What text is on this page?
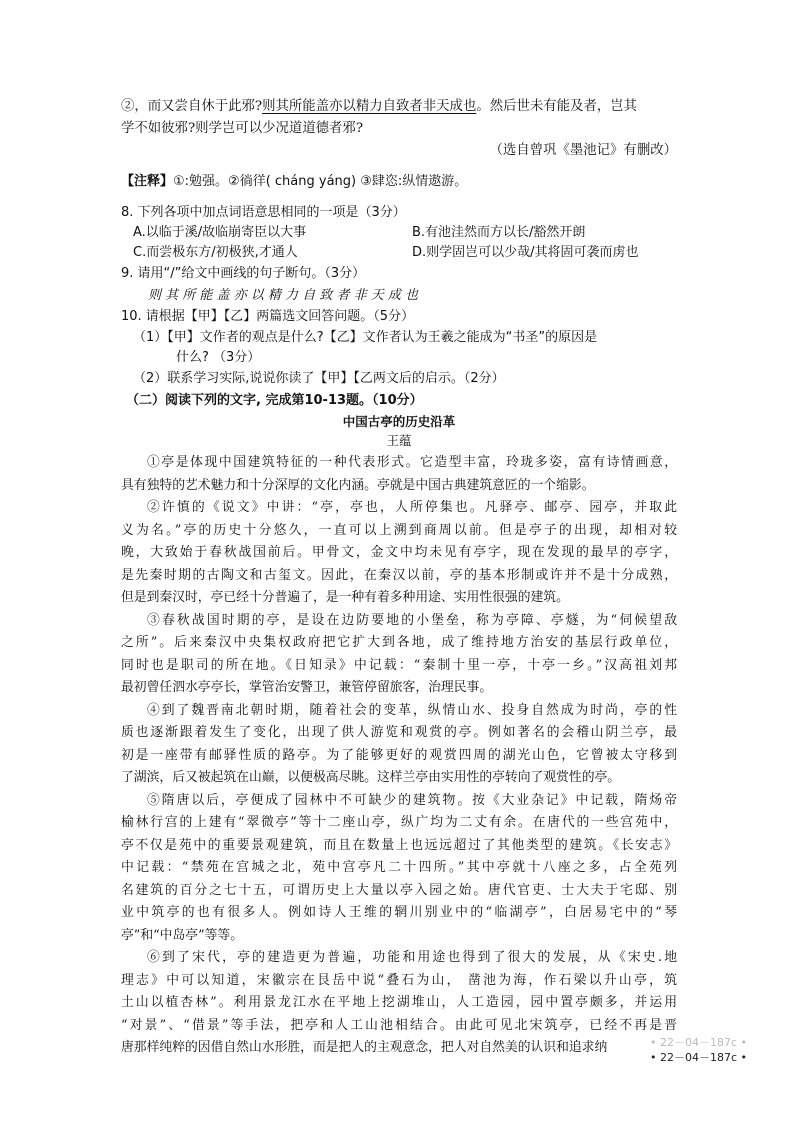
②，而又尝自休于此邪?则其所能盖亦以精力自致者非天成也。然后世未有能及者，岂其
学不如彼邪?则学岂可以少况道道德者邪?
（选自曾巩《墨池记》有删改）
【注释】①:勉强。②徜徉( cháng yáng) ③肆恣:纵情遨游。
8. 下列各项中加点词语意思相同的一项是（3分）
A.以临于溪/故临崩寄臣以大事	B.有池洼然而方以长/豁然开朗
C.而尝极东方/初极狭,才通人	D.则学固岂可以少哉/其将固可袭而虏也
9. 请用“/”给文中画线的句子断句。（3分）
则 其 所 能 盖 亦 以 精 力 自 致 者 非 天 成 也
10. 请根据【甲】【乙】两篇选文回答问题。（5分）
（1）【甲】文作者的观点是什么?【乙】文作者认为王羲之能成为“书圣”的原因是
什么? （3分）
（2）联系学习实际,说说你读了【甲】【乙两文后的启示。（2分）
（二）阅读下列的文字, 完成第10-13题。（10分）
中国古亭的历史沿革
王蕴
①亭是体现中国建筑特征的一种代表形式。它造型丰富，玲珑多姿，富有诗情画意，
具有独特的艺术魅力和十分深厚的文化内涵。亭就是中国古典建筑意匠的一个缩影。
②许慎的《说文》中讲：“亭，亭也，人所停集也。凡驿亭、邮亭、园亭，并取此
义为名。”亭的历史十分悠久，一直可以上溯到商周以前。但是亭子的出现，却相对较
晚，大致始于春秋战国前后。甲骨文，金文中均未见有亭字，现在发现的最早的亭字，
是先秦时期的古陶文和古玺文。因此，在秦汉以前，亭的基本形制或许并不是十分成熟，
但是到秦汉时，亭已经十分普遍了，是一种有着多种用途、实用性很强的建筑。
③春秋战国时期的亭，是设在边防要地的小堡垒，称为亭障、亭燧，为“伺候望敌
之所”。后来秦汉中央集权政府把它扩大到各地，成了维持地方治安的基层行政单位，
同时也是职司的所在地。《日知录》中记载：“秦制十里一亭，十亭一乡。”汉高祖刘邦
最初曾任泗水亭亭长，掌管治安警卫，兼管停留旅客，治理民事。
④到了魏晋南北朝时期，随着社会的变革，纵情山水、投身自然成为时尚，亭的性
质也逐渐跟着发生了变化，出现了供人游览和观赏的亭。例如著名的会稽山阴兰亭，最
初是一座带有邮驿性质的路亭。为了能够更好的观赏四周的湖光山色，它曾被太守移到
了湖滨，后又被起筑在山巅，以便极高尽眺。这样兰亭由实用性的亭转向了观赏性的亭。
⑤隋唐以后，亭便成了园林中不可缺少的建筑物。按《大业杂记》中记载，隋炀帝
榆林行宫的上建有“翠微亭”等十二座山亭，纵广均为二丈有余。在唐代的一些宫苑中，
亭不仅是苑中的重要景观建筑，而且在数量上也远远超过了其他类型的建筑。《长安志》
中记载：“禁苑在宫城之北，苑中宫亭凡二十四所。”其中亭就十八座之多，占全苑列
名建筑的百分之七十五，可谓历史上大量以亭入园之始。唐代官吏、士大夫于宅邸、别
业中筑亭的也有很多人。例如诗人王维的辋川别业中的“临湖亭”，白居易宅中的“琴
亭”和“中岛亭”等等。
⑥到了宋代，亭的建造更为普遍，功能和用途也得到了很大的发展，从《宋史.地
理志》中可以知道，宋徽宗在艮岳中说“叠石为山， 凿池为海，作石梁以升山亭，筑
土山以植杏林”。利用景龙江水在平地上挖湖堆山，人工造园，园中置亭颇多，并运用
“对景”、“借景”等手法，把亭和人工山池相结合。由此可见北宋筑亭，已经不再是晋
唐那样纯粹的因借自然山水形胜，而是把人的主观意念，把人对自然美的认识和追求纳	• 22－04－187c •
• 22－04－187c •
